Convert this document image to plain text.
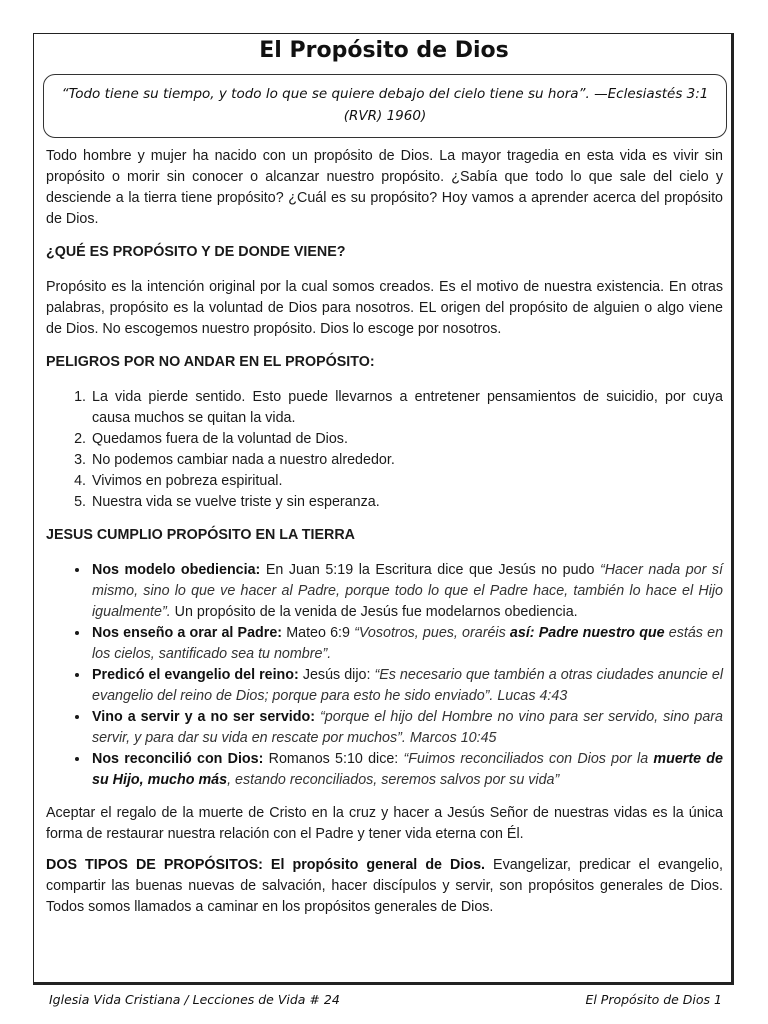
El Propósito de Dios
“Todo tiene su tiempo, y todo lo que se quiere debajo del cielo tiene su hora”. —Eclesiastés 3:1 (RVR) 1960)

Todo hombre y mujer ha nacido con un propósito de Dios. La mayor tragedia en esta vida es vivir sin propósito o morir sin conocer o alcanzar nuestro propósito. ¿Sabía que todo lo que sale del cielo y desciende a la tierra tiene propósito? ¿Cuál es su propósito? Hoy vamos a aprender acerca del propósito de Dios.

¿QUÉ ES PROPÓSITO Y DE DONDE VIENE?

Propósito es la intención original por la cual somos creados. Es el motivo de nuestra existencia. En otras palabras, propósito es la voluntad de Dios para nosotros. EL origen del propósito de alguien o algo viene de Dios. No escogemos nuestro propósito. Dios lo escoge por nosotros.

PELIGROS POR NO ANDAR EN EL PROPÓSITO:

1. La vida pierde sentido. Esto puede llevarnos a entretener pensamientos de suicidio, por cuya causa muchos se quitan la vida.
2. Quedamos fuera de la voluntad de Dios.
3. No podemos cambiar nada a nuestro alrededor.
4. Vivimos en pobreza espiritual.
5. Nuestra vida se vuelve triste y sin esperanza.

JESUS CUMPLIO PROPÓSITO EN LA TIERRA

• Nos modelo obediencia: En Juan 5:19 la Escritura dice que Jesús no pudo “Hacer nada por sí mismo, sino lo que ve hacer al Padre, porque todo lo que el Padre hace, también lo hace el Hijo igualmente”. Un propósito de la venida de Jesús fue modelarnos obediencia.
• Nos enseño a orar al Padre: Mateo 6:9 “Vosotros, pues, oraréis así: Padre nuestro que estás en los cielos, santificado sea tu nombre”.
• Predicó el evangelio del reino: Jesús dijo: “Es necesario que también a otras ciudades anuncie el evangelio del reino de Dios; porque para esto he sido enviado”. Lucas 4:43
• Vino a servir y a no ser servido: “porque el hijo del Hombre no vino para ser servido, sino para servir, y para dar su vida en rescate por muchos”. Marcos 10:45
• Nos reconcilió con Dios: Romanos 5:10 dice: “Fuimos reconciliados con Dios por la muerte de su Hijo, mucho más, estando reconciliados, seremos salvos por su vida”

Aceptar el regalo de la muerte de Cristo en la cruz y hacer a Jesús Señor de nuestras vidas es la única forma de restaurar nuestra relación con el Padre y tener vida eterna con Él.

DOS TIPOS DE PROPÓSITOS: El propósito general de Dios. Evangelizar, predicar el evangelio, compartir las buenas nuevas de salvación, hacer discípulos y servir, son propósitos generales de Dios. Todos somos llamados a caminar en los propósitos generales de Dios.

Iglesia Vida Cristiana / Lecciones de Vida # 24	El Propósito de Dios 1
